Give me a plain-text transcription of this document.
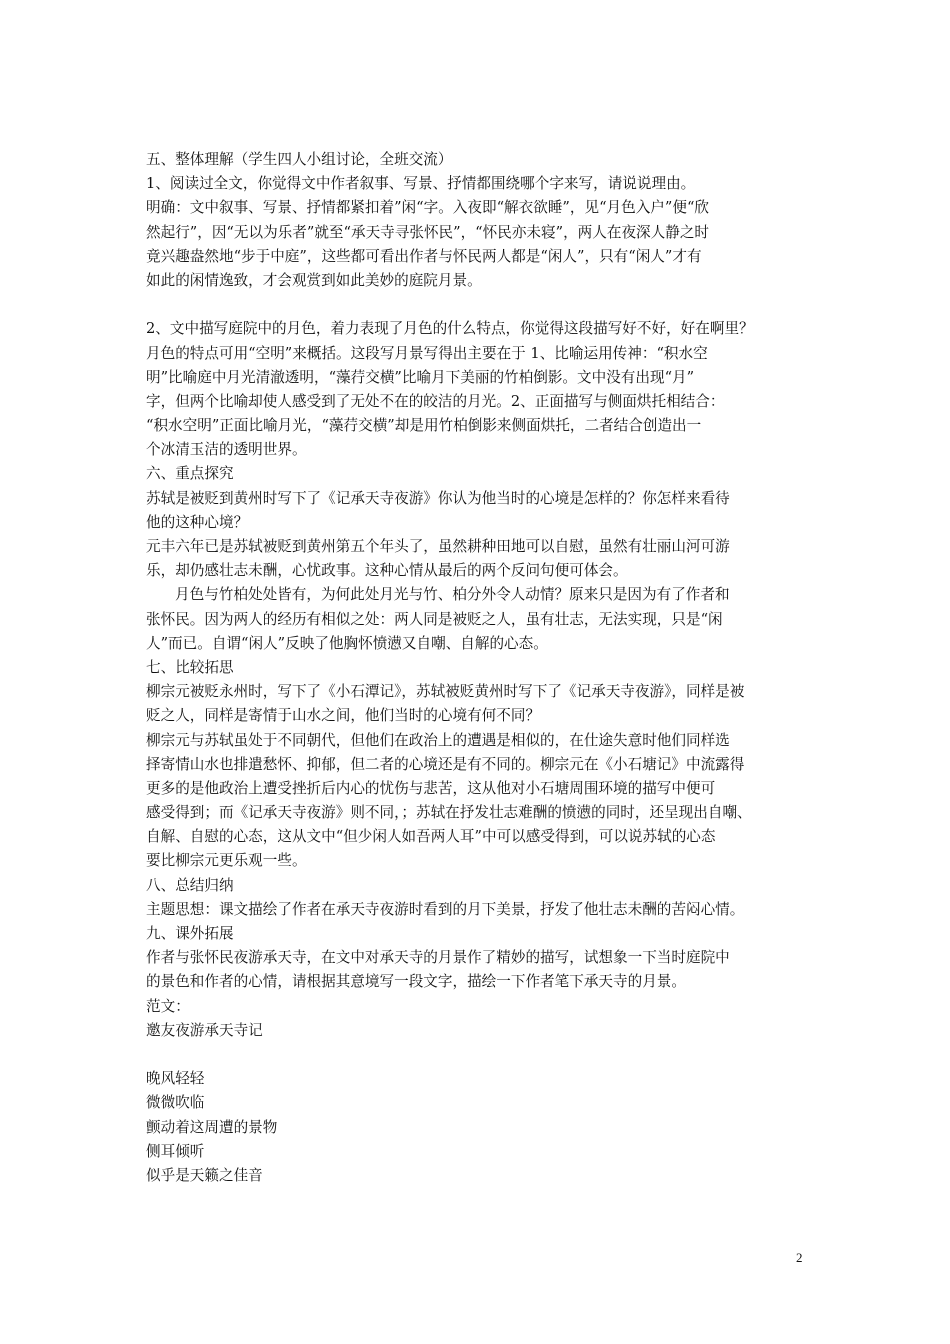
五、整体理解（学生四人小组讨论，全班交流）
1、阅读过全文，你觉得文中作者叙事、写景、抒情都围绕哪个字来写，请说说理由。
明确：文中叙事、写景、抒情都紧扣着”闲“字。入夜即“解衣欲睡”，见“月色入户”便“欣
然起行”，因“无以为乐者”就至“承天寺寻张怀民”，“怀民亦未寝”，两人在夜深人静之时
竟兴趣盎然地“步于中庭”，这些都可看出作者与怀民两人都是“闲人”，只有“闲人”才有
如此的闲情逸致，才会观赏到如此美妙的庭院月景。
2、文中描写庭院中的月色，着力表现了月色的什么特点，你觉得这段描写好不好，好在啊里？
月色的特点可用“空明”来概括。这段写月景写得出主要在于 1、比喻运用传神：“积水空
明”比喻庭中月光清澈透明，“藻荇交横”比喻月下美丽的竹柏倒影。文中没有出现“月”
字，但两个比喻却使人感受到了无处不在的皎洁的月光。2、正面描写与侧面烘托相结合：
“积水空明”正面比喻月光，“藻荇交横”却是用竹柏倒影来侧面烘托，二者结合创造出一
个冰清玉洁的透明世界。
六、重点探究
苏轼是被贬到黄州时写下了《记承天寺夜游》你认为他当时的心境是怎样的？你怎样来看待
他的这种心境？
元丰六年已是苏轼被贬到黄州第五个年头了，虽然耕种田地可以自慰，虽然有壮丽山河可游
乐，却仍感壮志未酬，心忧政事。这种心情从最后的两个反问句便可体会。
月色与竹柏处处皆有，为何此处月光与竹、柏分外令人动情？原来只是因为有了作者和
张怀民。因为两人的经历有相似之处：两人同是被贬之人，虽有壮志，无法实现，只是“闲
人”而已。自谓“闲人”反映了他胸怀愤懑又自嘲、自解的心态。
七、比较拓思
柳宗元被贬永州时，写下了《小石潭记》，苏轼被贬黄州时写下了《记承天寺夜游》，同样是被
贬之人，同样是寄情于山水之间，他们当时的心境有何不同？
柳宗元与苏轼虽处于不同朝代，但他们在政治上的遭遇是相似的，在仕途失意时他们同样选
择寄情山水也排遣愁怀、抑郁，但二者的心境还是有不同的。柳宗元在《小石塘记》中流露得
更多的是他政治上遭受挫折后内心的忧伤与悲苦，这从他对小石塘周围环境的描写中便可
感受得到；而《记承天寺夜游》则不同，；苏轼在抒发壮志难酬的愤懑的同时，还呈现出自嘲、
自解、自慰的心态，这从文中“但少闲人如吾两人耳”中可以感受得到，可以说苏轼的心态
要比柳宗元更乐观一些。
八、总结归纳
主题思想：课文描绘了作者在承天寺夜游时看到的月下美景，抒发了他壮志未酬的苦闷心情。
九、课外拓展
作者与张怀民夜游承天寺，在文中对承天寺的月景作了精妙的描写，试想象一下当时庭院中
的景色和作者的心情，请根据其意境写一段文字，描绘一下作者笔下承天寺的月景。
范文：
邀友夜游承天寺记
晚风轻轻
微微吹临
颤动着这周遭的景物
侧耳倾听
似乎是天籁之佳音
2
